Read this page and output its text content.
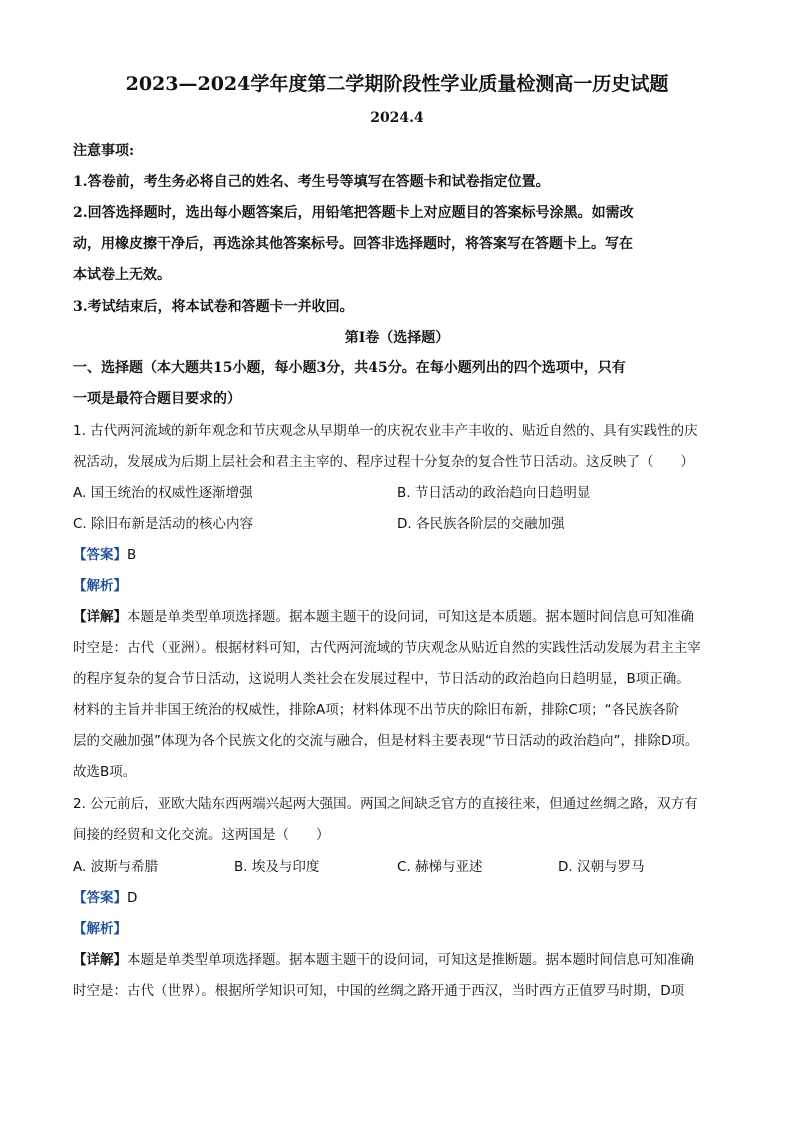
2023—2024学年度第二学期阶段性学业质量检测高一历史试题
2024.4
注意事项:
1.答卷前，考生务必将自己的姓名、考生号等填写在答题卡和试卷指定位置。
2.回答选择题时，选出每小题答案后，用铅笔把答题卡上对应题目的答案标号涂黑。如需改
动，用橡皮擦干净后，再选涂其他答案标号。回答非选择题时，将答案写在答题卡上。写在
本试卷上无效。
3.考试结束后，将本试卷和答题卡一并收回。
第Ⅰ卷（选择题）
一、选择题（本大题共15小题，每小题3分，共45分。在每小题列出的四个选项中，只有
一项是最符合题目要求的）
1. 古代两河流域的新年观念和节庆观念从早期单一的庆祝农业丰产丰收的、贴近自然的、具有实践性的庆
祝活动，发展成为后期上层社会和君主主宰的、程序过程十分复杂的复合性节日活动。这反映了（　　）
A. 国王统治的权威性逐渐增强	B. 节日活动的政治趋向日趋明显
C. 除旧布新是活动的核心内容	D. 各民族各阶层的交融加强
【答案】B
【解析】
【详解】本题是单类型单项选择题。据本题主题干的设问词，可知这是本质题。据本题时间信息可知准确
时空是：古代（亚洲）。根据材料可知，古代两河流域的节庆观念从贴近自然的实践性活动发展为君主主宰
的程序复杂的复合节日活动，这说明人类社会在发展过程中，节日活动的政治趋向日趋明显，B项正确。
材料的主旨并非国王统治的权威性，排除A项；材料体现不出节庆的除旧布新，排除C项；“各民族各阶
层的交融加强”体现为各个民族文化的交流与融合，但是材料主要表现“节日活动的政治趋向”，排除D项。
故选B项。
2. 公元前后，亚欧大陆东西两端兴起两大强国。两国之间缺乏官方的直接往来，但通过丝绸之路，双方有
间接的经贸和文化交流。这两国是（　　）
A. 波斯与希腊	B. 埃及与印度	C. 赫梯与亚述	D. 汉朝与罗马
【答案】D
【解析】
【详解】本题是单类型单项选择题。据本题主题干的设问词，可知这是推断题。据本题时间信息可知准确
时空是：古代（世界）。根据所学知识可知，中国的丝绸之路开通于西汉，当时西方正值罗马时期，D项
